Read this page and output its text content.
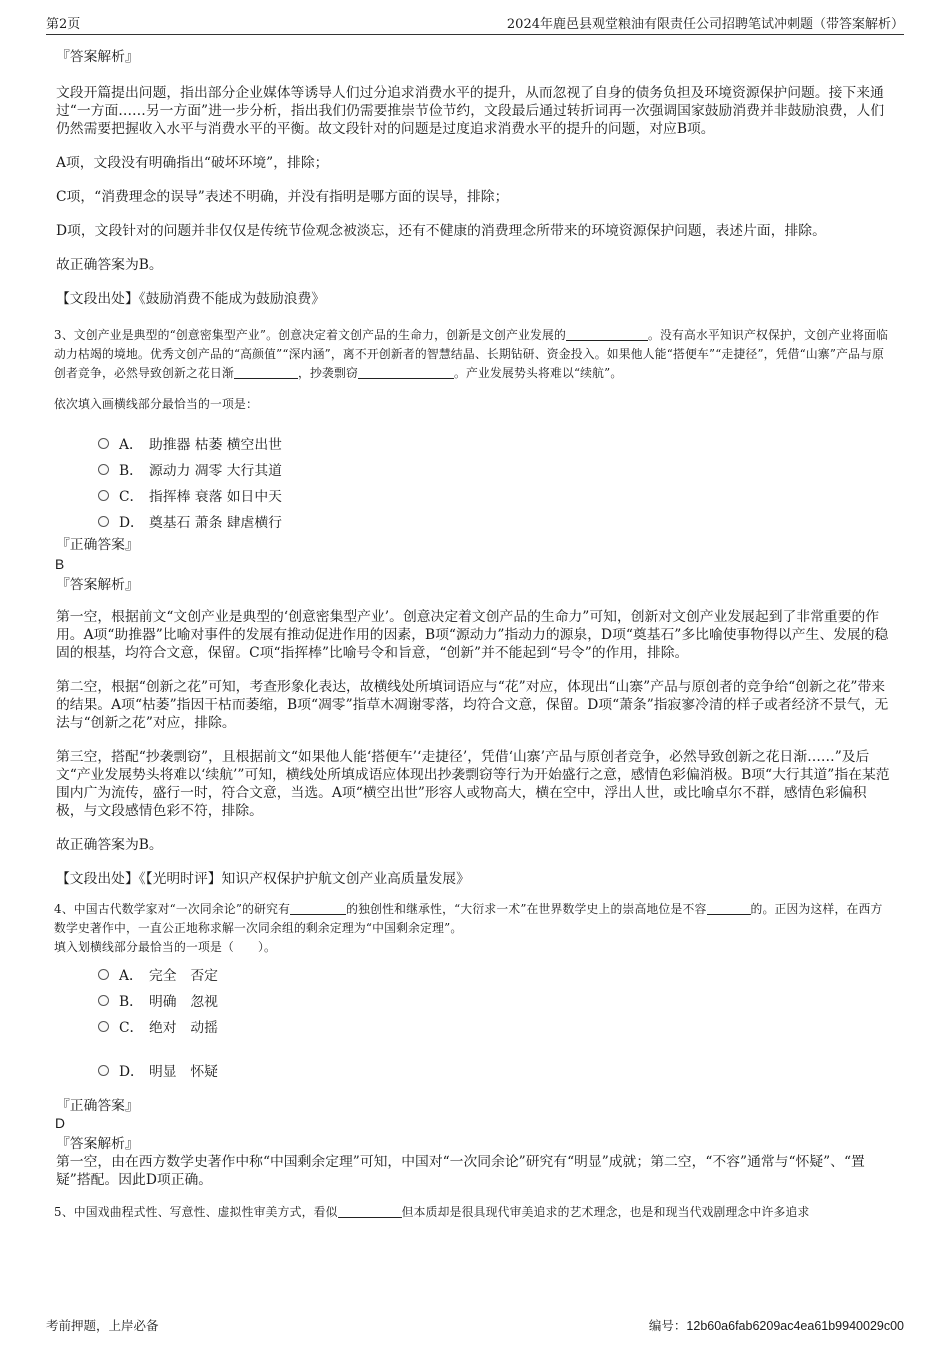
第2页	2024年鹿邑县观堂粮油有限责任公司招聘笔试冲刺题（带答案解析）

『答案解析』

文段开篇提出问题，指出部分企业媒体等诱导人们过分追求消费水平的提升，从而忽视了自身的债务负担及环境资源保护问题。接下来通过“一方面……另一方面”进一步分析，指出我们仍需要推崇节俭节约，文段最后通过转折词再一次强调国家鼓励消费并非鼓励浪费，人们仍然需要把握收入水平与消费水平的平衡。故文段针对的问题是过度追求消费水平的提升的问题，对应B项。

A项，文段没有明确指出“破坏环境”，排除；

C项，“消费理念的误导”表述不明确，并没有指明是哪方面的误导，排除；

D项，文段针对的问题并非仅仅是传统节俭观念被淡忘，还有不健康的消费理念所带来的环境资源保护问题，表述片面，排除。

故正确答案为B。

【文段出处】《鼓励消费不能成为鼓励浪费》

3、文创产业是典型的“创意密集型产业”。创意决定着文创产品的生命力，创新是文创产业发展的	。没有高水平知识产权保护，文创产业将面临动力枯竭的境地。优秀文创产品的“高颜值”“深内涵”，离不开创新者的智慧结晶、长期钻研、资金投入。如果他人能“搭便车”“走捷径”，凭借“山寨”产品与原创者竞争，必然导致创新之花日渐	，抄袭剽窃	。产业发展势头将难以“续航”。

依次填入画横线部分最恰当的一项是：

A． 助推器 枯萎 横空出世
B． 源动力 凋零 大行其道
C． 指挥棒 衰落 如日中天
D． 奠基石 萧条 肆虐横行

『正确答案』

B

『答案解析』

第一空，根据前文“文创产业是典型的‘创意密集型产业’。创意决定着文创产品的生命力”可知，创新对文创产业发展起到了非常重要的作用。A项“助推器”比喻对事件的发展有推动促进作用的因素，B项“源动力”指动力的源泉，D项“奠基石”多比喻使事物得以产生、发展的稳固的根基，均符合文意，保留。C项“指挥棒”比喻号令和旨意，“创新”并不能起到“号令”的作用，排除。

第二空，根据“创新之花”可知，考查形象化表达，故横线处所填词语应与“花”对应，体现出“山寨”产品与原创者的竞争给“创新之花”带来的结果。A项“枯萎”指因干枯而萎缩，B项“凋零”指草木凋谢零落，均符合文意，保留。D项“萧条”指寂寥冷清的样子或者经济不景气，无法与“创新之花”对应，排除。

第三空，搭配“抄袭剽窃”，且根据前文“如果他人能‘搭便车’‘走捷径’，凭借‘山寨’产品与原创者竞争，必然导致创新之花日渐……”及后文“产业发展势头将难以‘续航’”可知，横线处所填成语应体现出抄袭剽窃等行为开始盛行之意，感情色彩偏消极。B项“大行其道”指在某范围内广为流传，盛行一时，符合文意，当选。A项“横空出世”形容人或物高大，横在空中，浮出人世，或比喻卓尔不群，感情色彩偏积极，与文段感情色彩不符，排除。

故正确答案为B。

【文段出处】《【光明时评】知识产权保护护航文创产业高质量发展》

4、中国古代数学家对“一次同余论”的研究有	的独创性和继承性，“大衍求一术”在世界数学史上的崇高地位是不容	的。正因为这样，在西方数学史著作中，一直公正地称求解一次同余组的剩余定理为“中国剩余定理”。

填入划横线部分最恰当的一项是（　　）。

A． 完全　否定
B． 明确　忽视
C． 绝对　动摇
D． 明显　怀疑

『正确答案』

D

『答案解析』

第一空，由在西方数学史著作中称“中国剩余定理”可知，中国对“一次同余论”研究有“明显”成就；第二空，“不容”通常与“怀疑”、“置疑”搭配。因此D项正确。

5、中国戏曲程式性、写意性、虚拟性审美方式，看似	但本质却是很具现代审美追求的艺术理念，也是和现当代戏剧理念中许多追求

考前押题，上岸必备	编号：12b60a6fab6209ac4ea61b9940029c00
